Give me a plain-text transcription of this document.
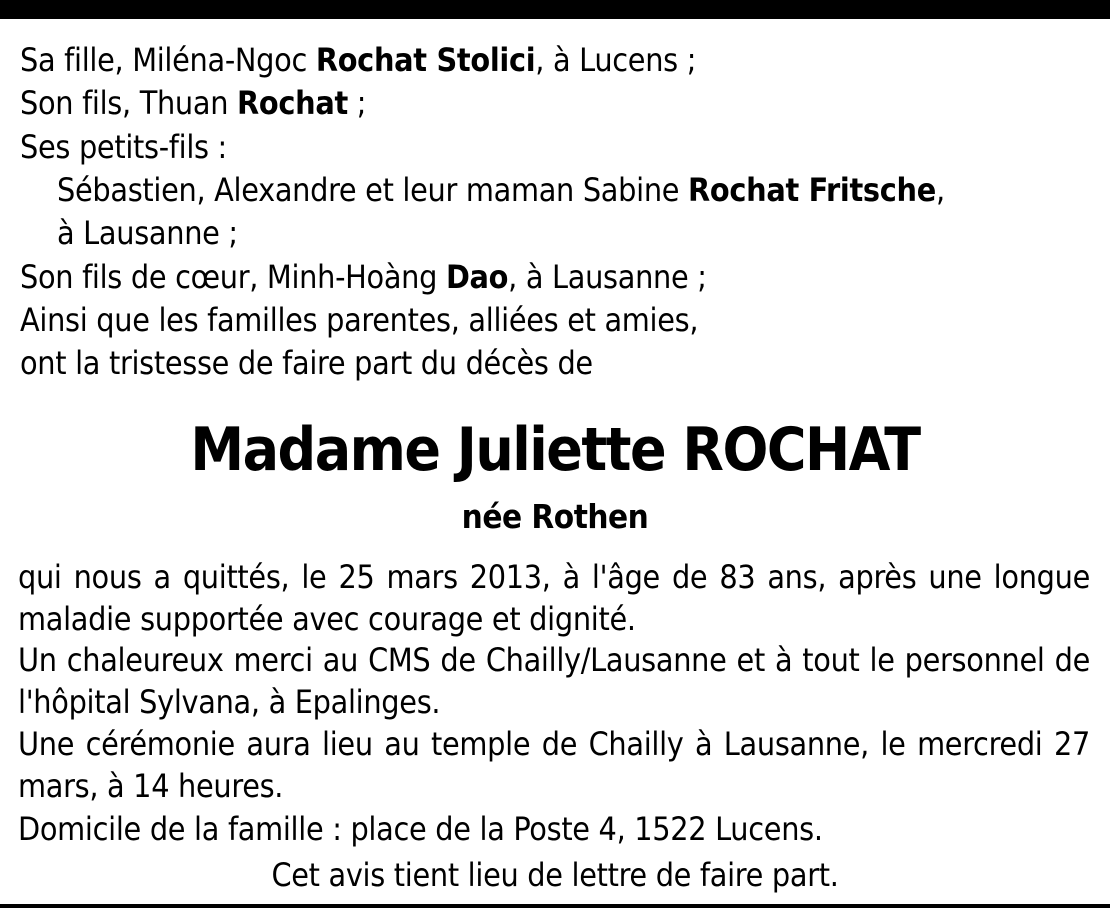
Sa fille, Miléna-Ngoc Rochat Stolici, à Lucens ;
Son fils, Thuan Rochat ;
Ses petits-fils :
Sébastien, Alexandre et leur maman Sabine Rochat Fritsche,
à Lausanne ;
Son fils de cœur, Minh-Hoàng Dao, à Lausanne ;
Ainsi que les familles parentes, alliées et amies,
ont la tristesse de faire part du décès de
Madame Juliette ROCHAT
née Rothen
qui nous a quittés, le 25 mars 2013, à l'âge de 83 ans, après une longue maladie supportée avec courage et dignité.
Un chaleureux merci au CMS de Chailly/Lausanne et à tout le personnel de l'hôpital Sylvana, à Epalinges.
Une cérémonie aura lieu au temple de Chailly à Lausanne, le mercredi 27 mars, à 14 heures.
Domicile de la famille : place de la Poste 4, 1522 Lucens.
Cet avis tient lieu de lettre de faire part.
